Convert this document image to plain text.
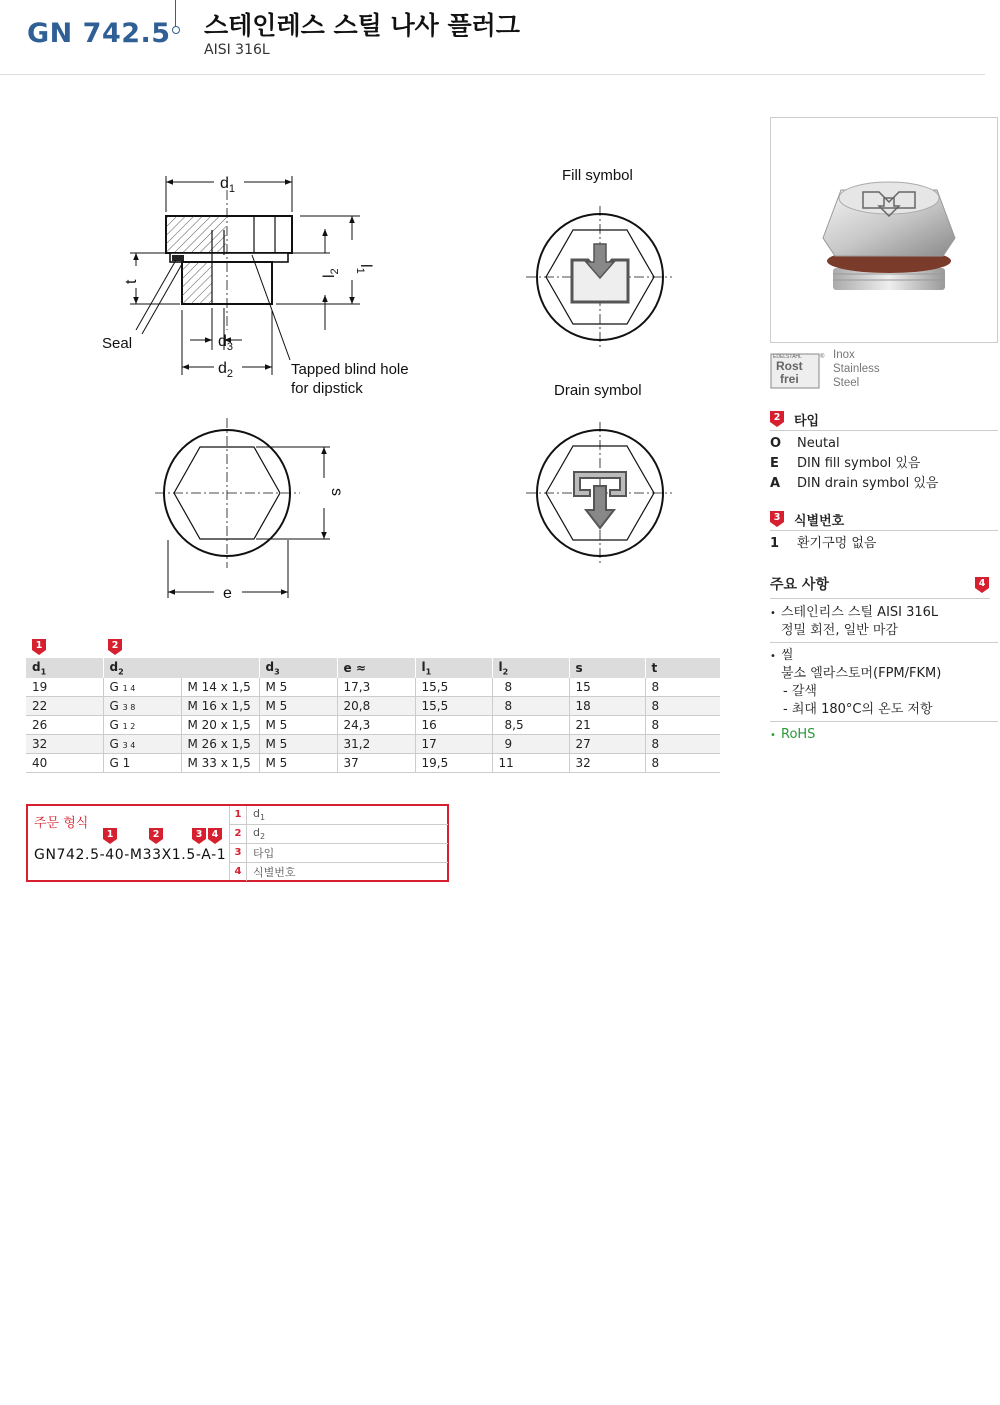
GN 742.5 스테인레스 스틸 나사 플러그
AISI 316L
$d_1$
$d_3$
$d_2$
$l_1$
$l_2$
t
Seal
Tapped blind hole
for dipstick
s
e
Fill symbol
Drain symbol
EDELSTAHL
Rost
frei
® Inox
Stainless
Steel
2 타입
O	Neutal
E	DIN fill symbol 있음
A	DIN drain symbol 있음
3 식별번호
1	환기구멍 없음
주요 사항	4
• 스테인리스 스틸 AISI 316L
정밀 회전, 일반 마감
• 씰
불소 엘라스토머(FPM/FKM)
- 갈색
- 최대 180°C의 온도 저항
• RoHS
1	2
$d_1$	$d_2$		$d_3$	e ≈	$l_1$	$l_2$	s	t
19	G 1 4	M 14 x 1,5	M 5	17,3	15,5	8	15	8
22	G 3 8	M 16 x 1,5	M 5	20,8	15,5	8	18	8
26	G 1 2	M 20 x 1,5	M 5	24,3	16	8,5	21	8
32	G 3 4	M 26 x 1,5	M 5	31,2	17	9	27	8
40	G 1	M 33 x 1,5	M 5	37	19,5	11	32	8
주문 형식
1	2	3 4
GN742.5-40-M33X1.5-A-1
1	$d_1$
2	$d_2$
3	타입
4	식별번호
